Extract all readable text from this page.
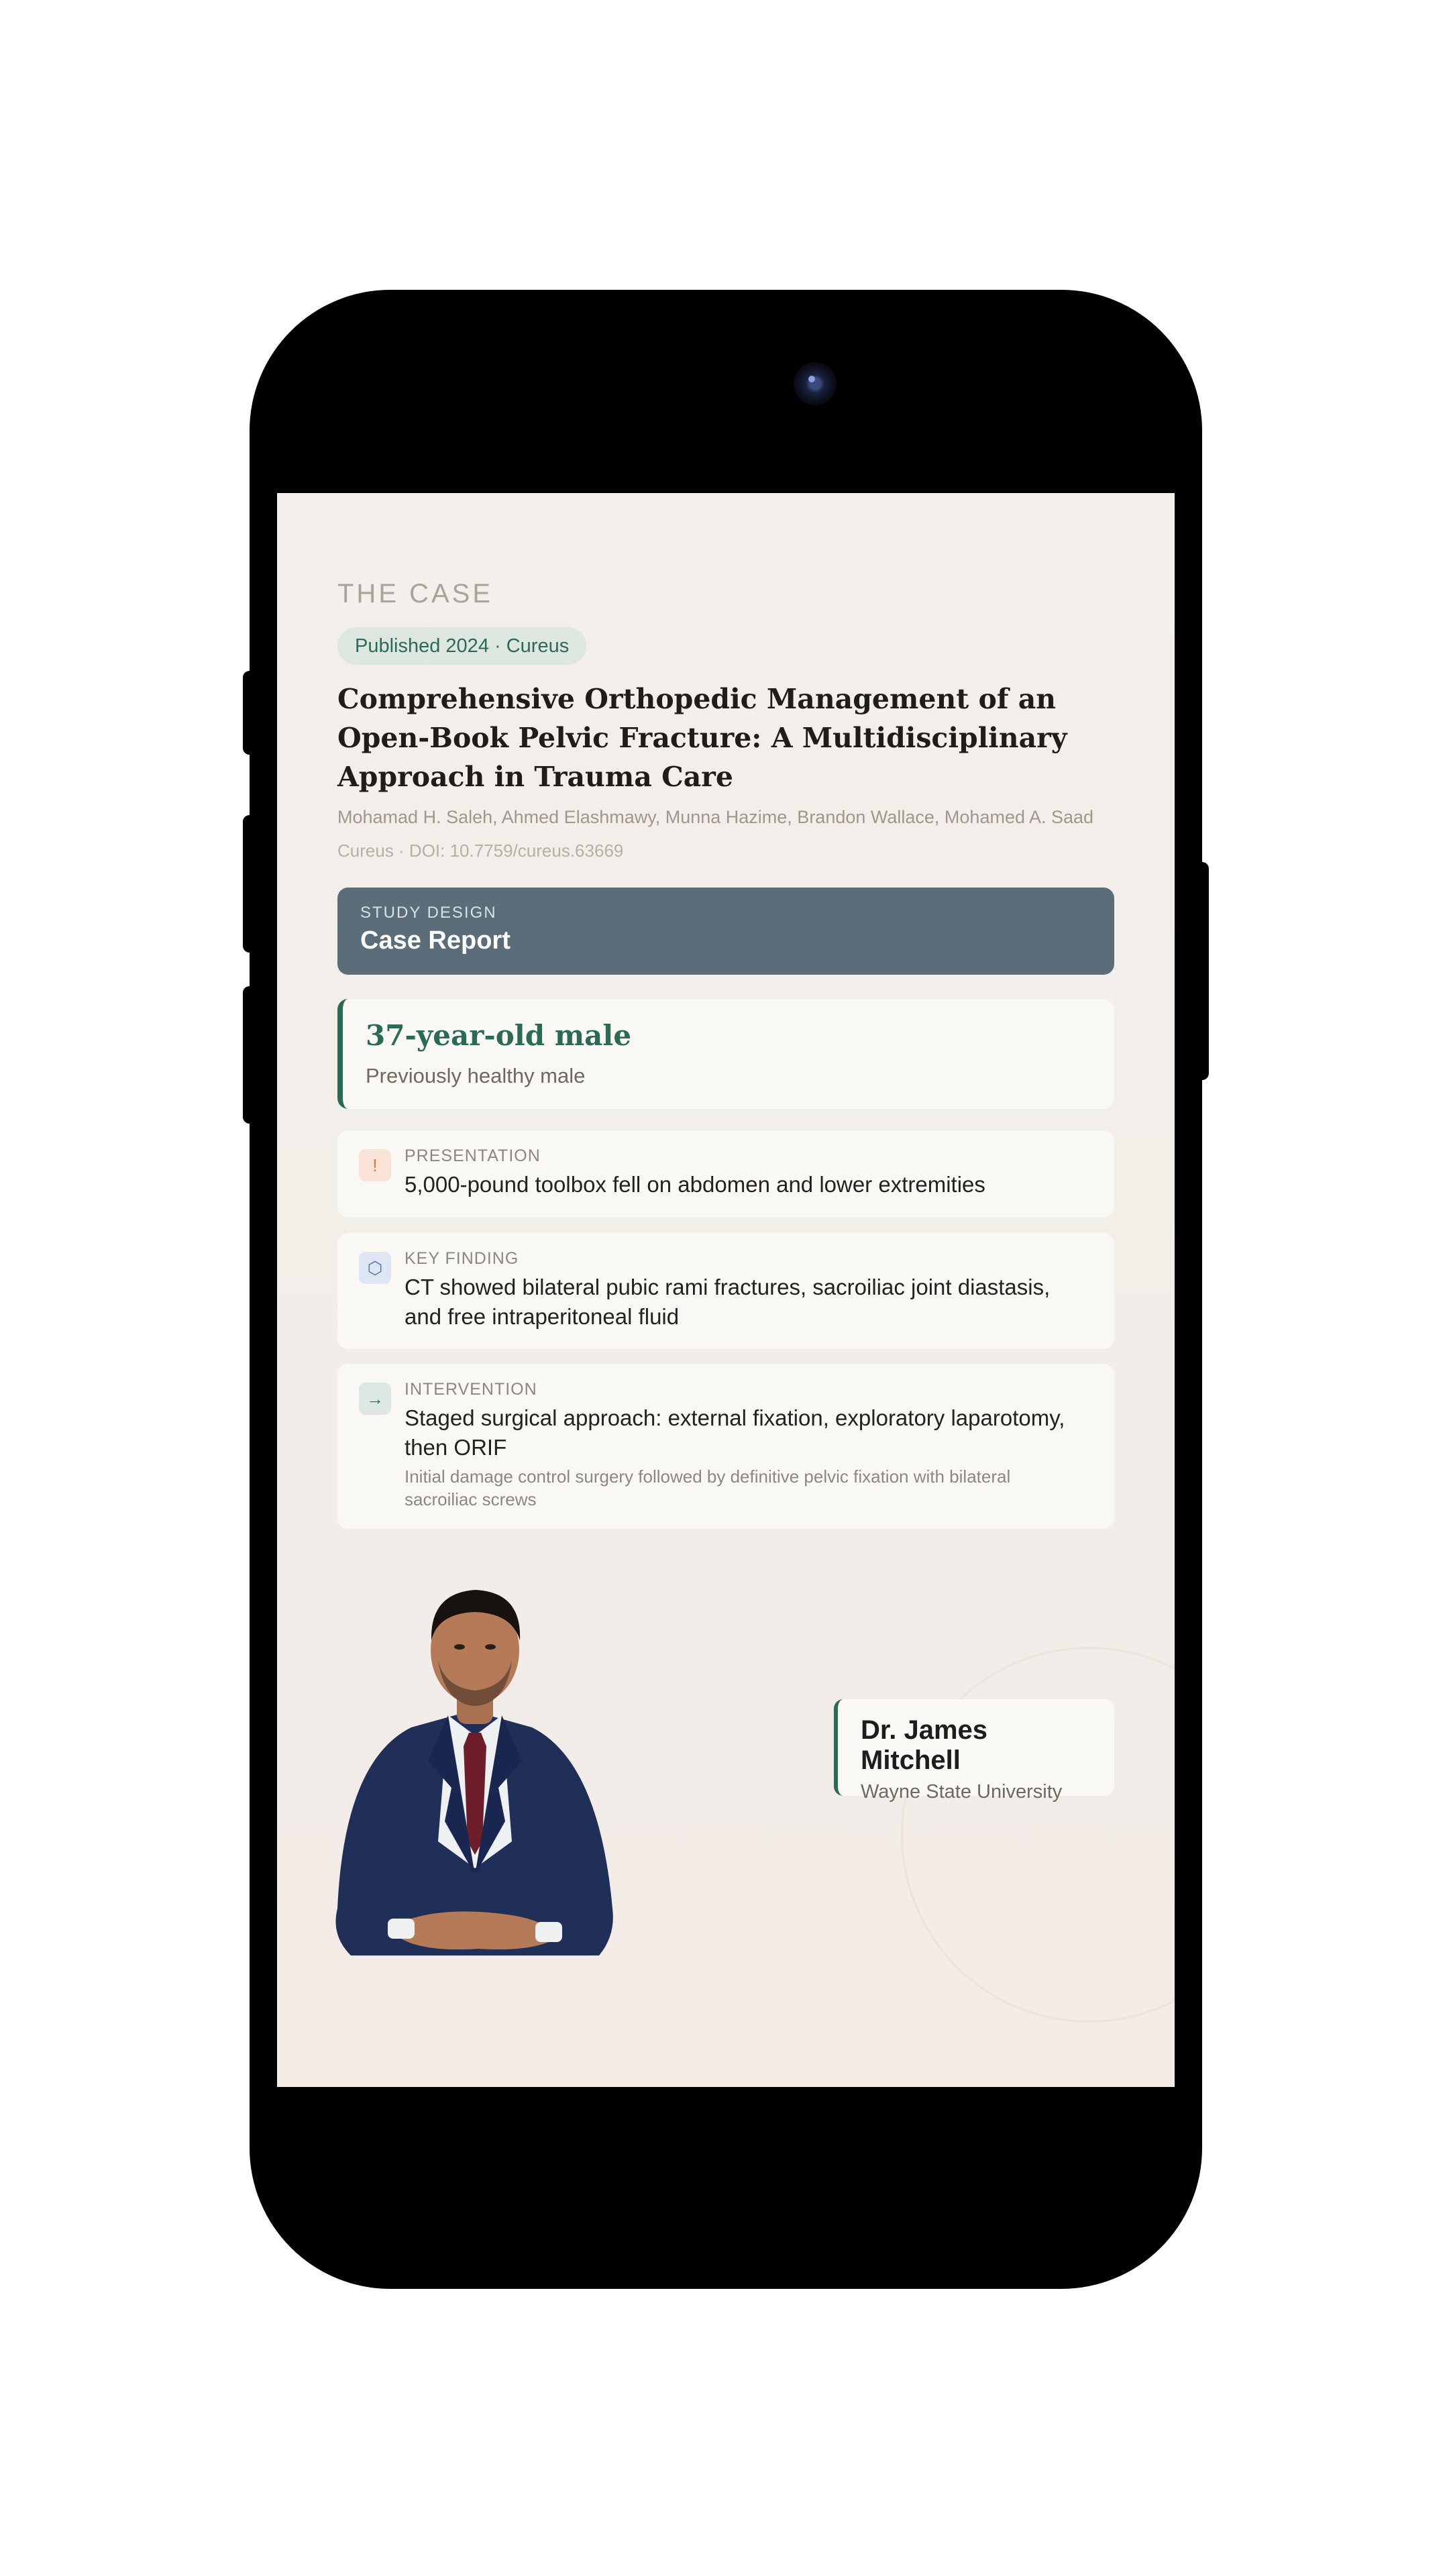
THE CASE
Published 2024 · Cureus
Comprehensive Orthopedic Management of an Open-Book Pelvic Fracture: A Multidisciplinary Approach in Trauma Care
Mohamad H. Saleh, Ahmed Elashmawy, Munna Hazime, Brandon Wallace, Mohamed A. Saad
Cureus · DOI: 10.7759/cureus.63669
STUDY DESIGN
Case Report
37-year-old male
Previously healthy male
!	PRESENTATION
5,000-pound toolbox fell on abdomen and lower extremities
⬡	KEY FINDING
CT showed bilateral pubic rami fractures, sacroiliac joint diastasis, and free intraperitoneal fluid
→	INTERVENTION
Staged surgical approach: external fixation, exploratory laparotomy, then ORIF
Initial damage control surgery followed by definitive pelvic fixation with bilateral sacroiliac screws
Dr. James Mitchell
Wayne State University
